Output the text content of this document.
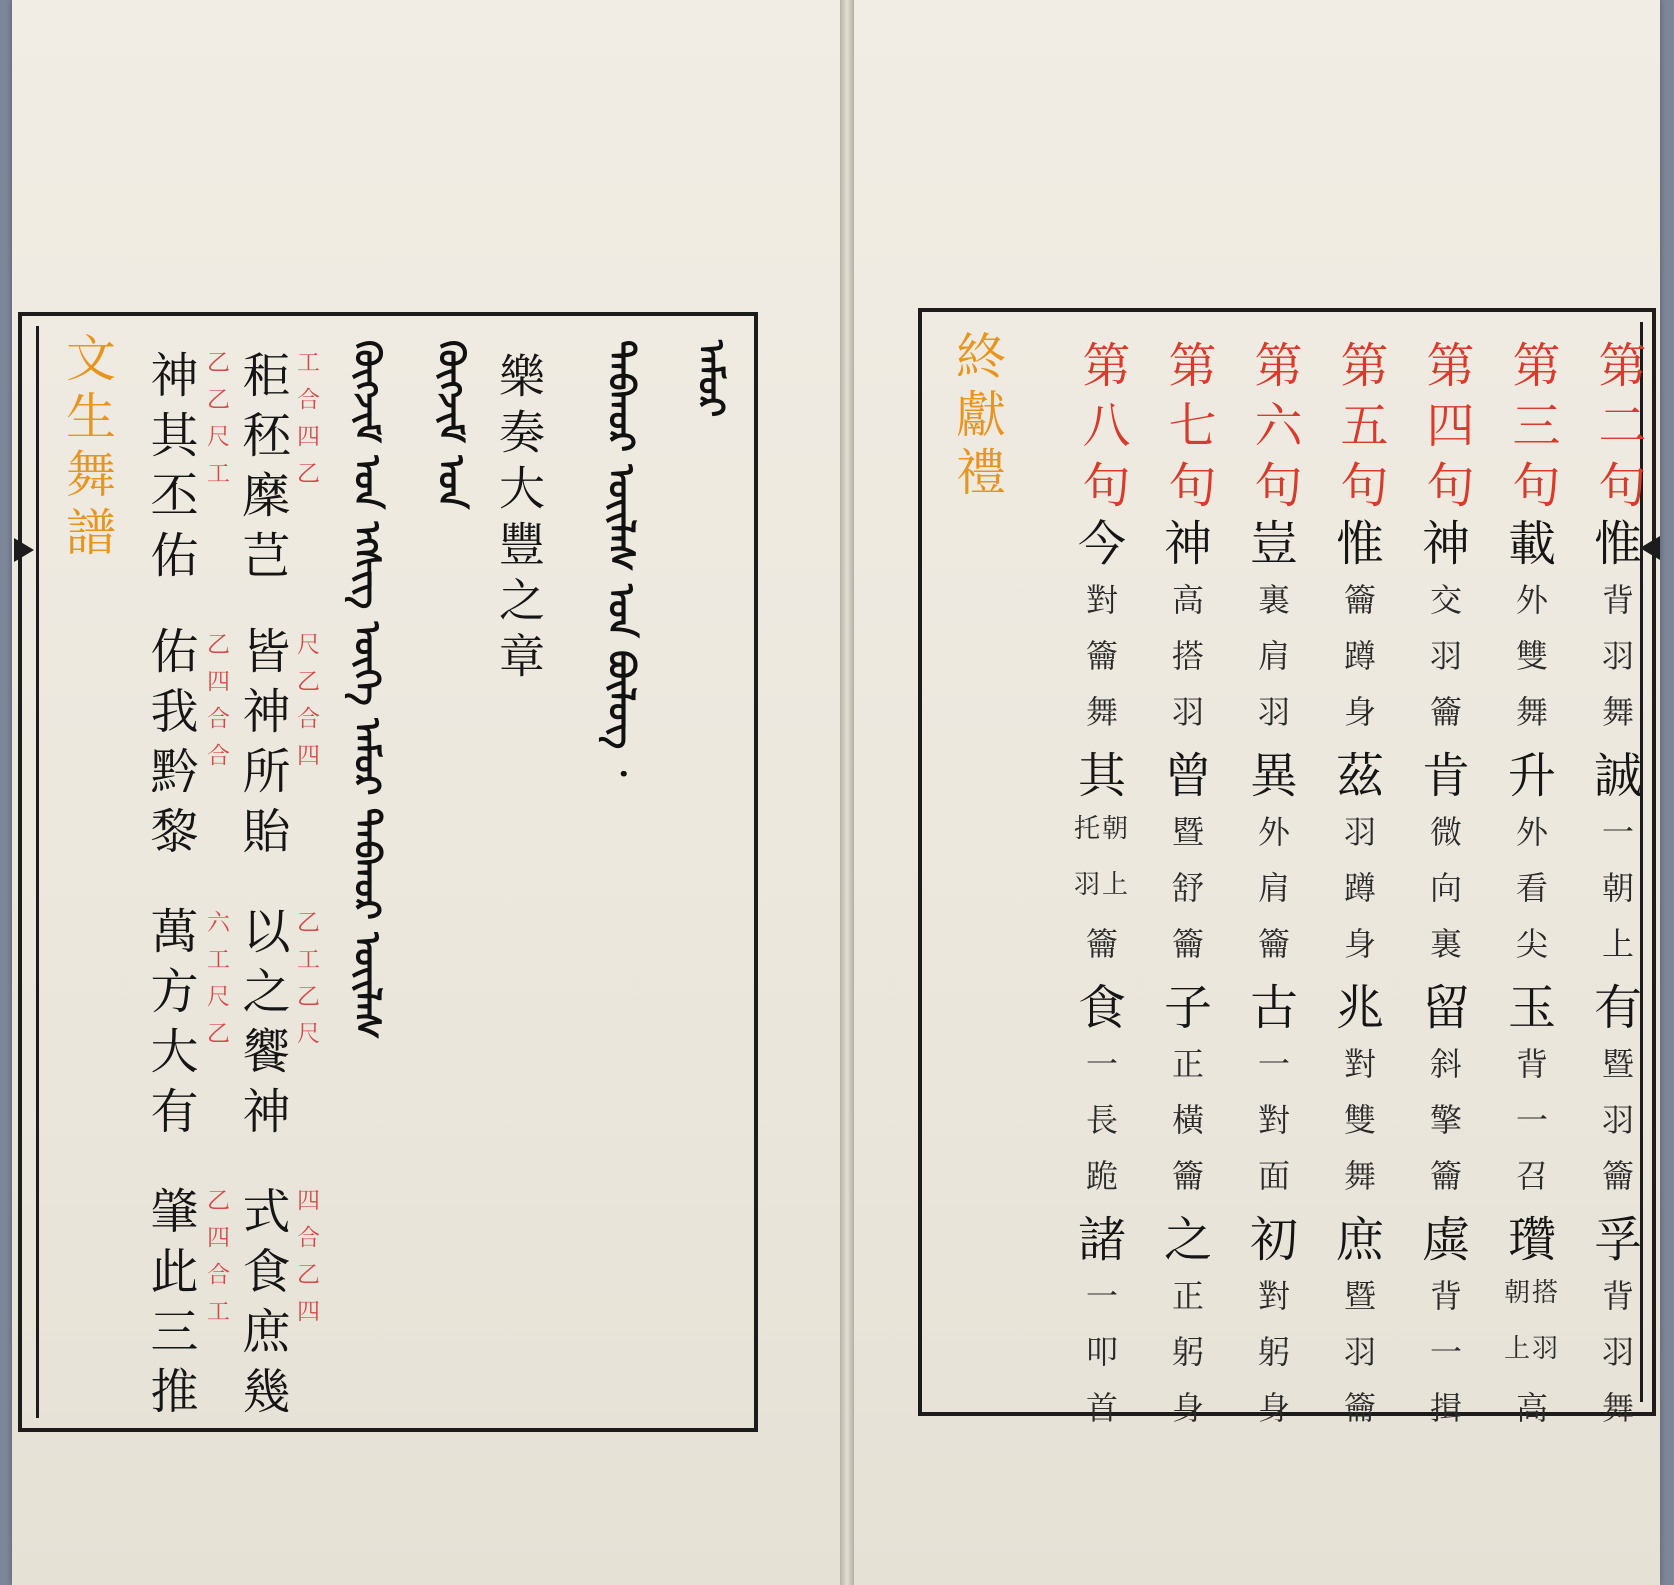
文生舞譜	ᠠᠮᠤᠷ
ᠳᠠᠪᠬᠤᠷ ᠦᠢᠯᠡᠰ ᠤᠨ ᠪᠦᠯᠦᠭ ᠂
ᠬᠦᠭᠵᠢᠮ ᠤᠨ
ᠬᠦᠭᠵᠢᠮ ᠤᠨ ᠡᠭᠰᠢᠭ ᠦᠭᠡ ᠠᠮᠤᠷ ᠳᠠᠪᠬᠤᠷ ᠦᠢᠯᠡᠰ 樂奏大豐之章
秬秠穈芑
皆神所貽
以之饗神
式食庶幾
神其丕佑
佑我黔黎
萬方大有
肇此三推
工合四乙
尺乙合四
乙工乙尺
四合乙四
乙乙尺工
乙四合合
六工尺乙
乙四合工
終獻禮	第二句
惟
背
羽
舞
誠
一
朝
上
有
暨
羽
籥
孚
背
羽
舞
第三句
載
外
雙
舞
升
外
看
尖
玉
背
一
召
瓚
朝搭
上羽
高
第四句
神
交
羽
籥
肯
微
向
裏
留
斜
擎
籥
虡
背
一
揖
第五句
惟
籥
蹲
身
茲
羽
蹲
身
兆
對
雙
舞
庶
暨
羽
籥
第六句
豈
裏
肩
羽
異
外
肩
籥
古
一
對
面
初
對
躬
身
第七句
神
高
搭
羽
曾
暨
舒
籥
子
正
橫
籥
之
正
躬
身
第八句
今
對
籥
舞
其
托朝
羽上
籥
食
一
長
跪
諸
一
叩
首
